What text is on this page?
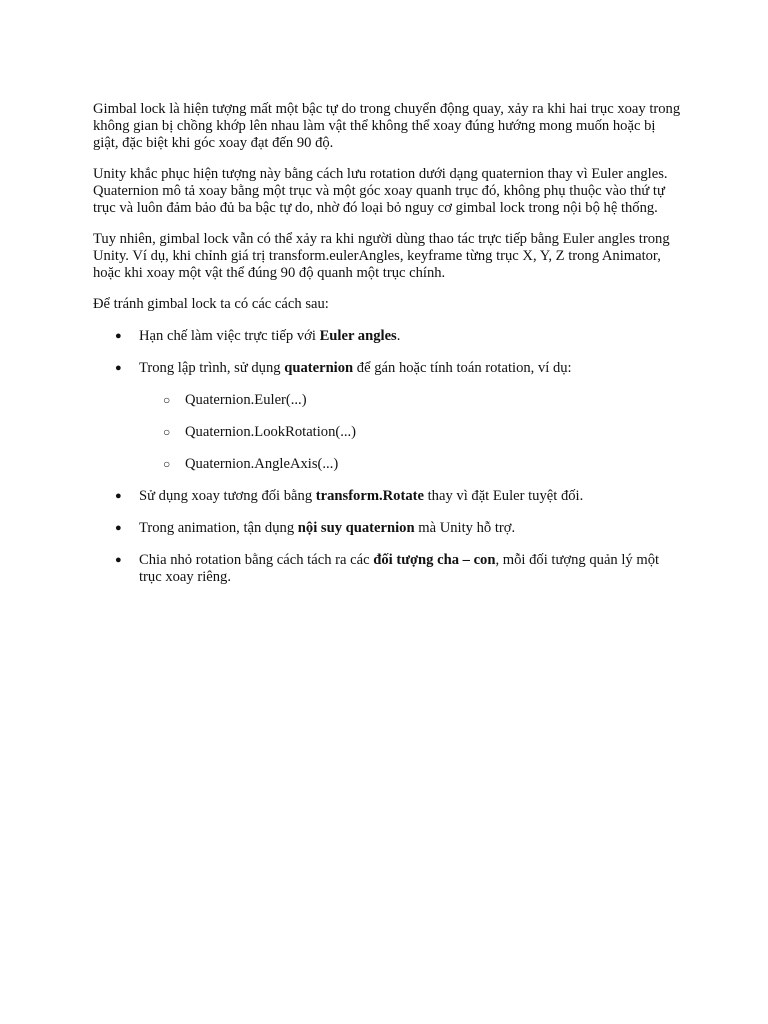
Gimbal lock là hiện tượng mất một bậc tự do trong chuyển động quay, xảy ra khi hai trục xoay trong không gian bị chồng khớp lên nhau làm vật thể không thể xoay đúng hướng mong muốn hoặc bị giật, đặc biệt khi góc xoay đạt đến 90 độ.

Unity khắc phục hiện tượng này bằng cách lưu rotation dưới dạng quaternion thay vì Euler angles. Quaternion mô tả xoay bằng một trục và một góc xoay quanh trục đó, không phụ thuộc vào thứ tự trục và luôn đảm bảo đủ ba bậc tự do, nhờ đó loại bỏ nguy cơ gimbal lock trong nội bộ hệ thống.

Tuy nhiên, gimbal lock vẫn có thể xảy ra khi người dùng thao tác trực tiếp bằng Euler angles trong Unity. Ví dụ, khi chỉnh giá trị transform.eulerAngles, keyframe từng trục X, Y, Z trong Animator, hoặc khi xoay một vật thể đúng 90 độ quanh một trục chính.

Để tránh gimbal lock ta có các cách sau:

● Hạn chế làm việc trực tiếp với Euler angles.
● Trong lập trình, sử dụng quaternion để gán hoặc tính toán rotation, ví dụ:
○ Quaternion.Euler(...)
○ Quaternion.LookRotation(...)
○ Quaternion.AngleAxis(...)
● Sử dụng xoay tương đối bằng transform.Rotate thay vì đặt Euler tuyệt đối.
● Trong animation, tận dụng nội suy quaternion mà Unity hỗ trợ.
● Chia nhỏ rotation bằng cách tách ra các đối tượng cha – con, mỗi đối tượng quản lý một trục xoay riêng.
